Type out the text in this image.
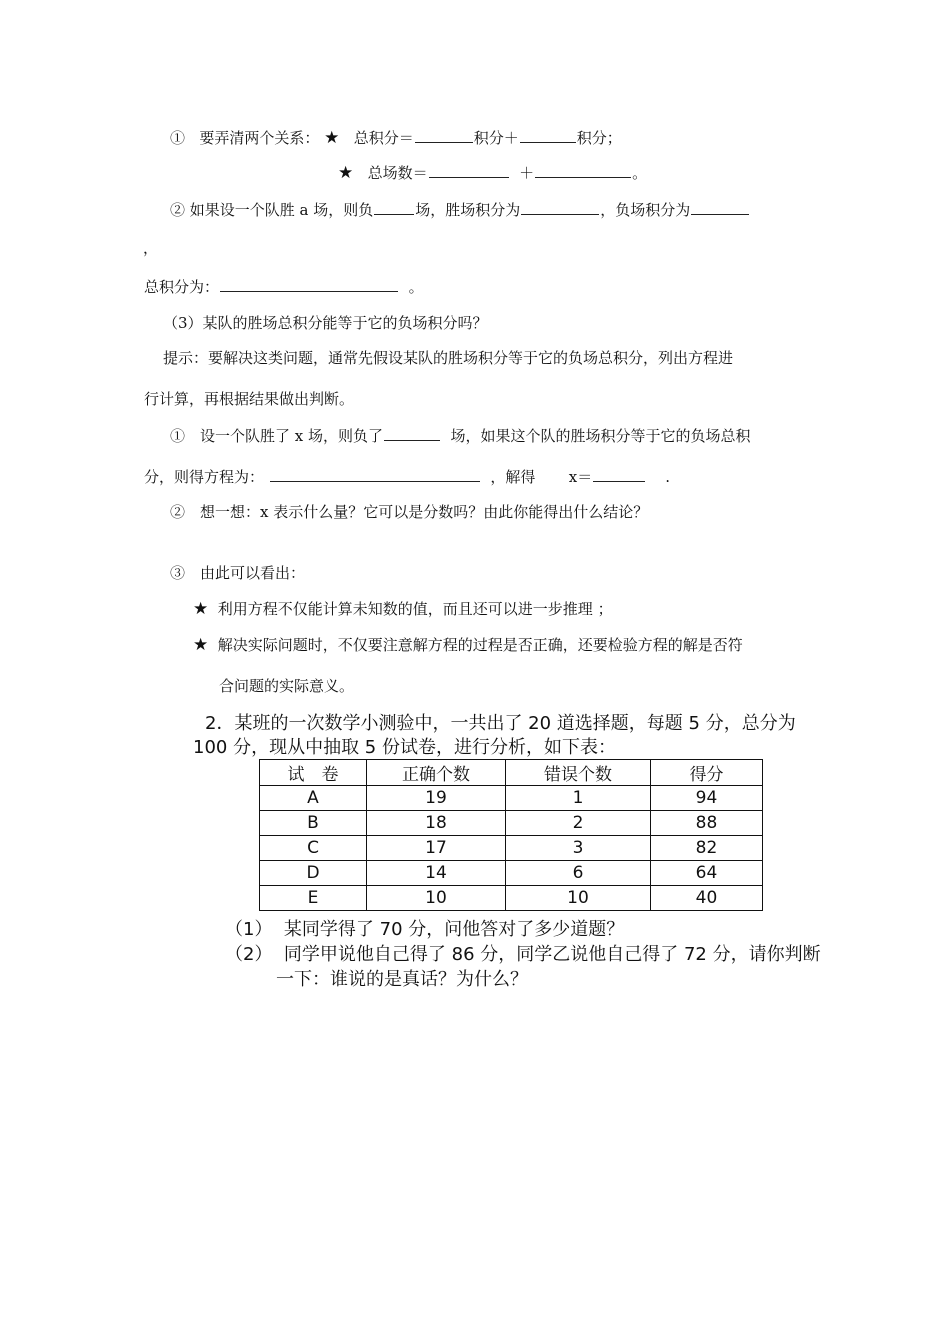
① 要弄清两个关系： ★ 总积分＝	积分＋	积分；
★ 总场数＝	＋	。
② 如果设一个队胜 a 场，则负	场，胜场积分为	，负场积分为
，
总积分为：	。
（3）某队的胜场总积分能等于它的负场积分吗？
提示：要解决这类问题，通常先假设某队的胜场积分等于它的负场总积分，列出方程进
行计算，再根据结果做出判断。
①　设一个队胜了 x 场，则负了	场，如果这个队的胜场积分等于它的负场总积
分，则得方程为：	，解得 x＝	.
②　想一想：x 表示什么量？它可以是分数吗？由此你能得出什么结论？
③　由此可以看出：
★ 利用方程不仅能计算未知数的值，而且还可以进一步推理 ；
★ 解决实际问题时，不仅要注意解方程的过程是否正确，还要检验方程的解是否符
合问题的实际意义。
2．某班的一次数学小测验中，一共出了 20 道选择题，每题 5 分，总分为
100 分，现从中抽取 5 份试卷，进行分析，如下表：
试　卷	正确个数	错误个数	得分
A	19	1	94
B	18	2	88
C	17	3	82
D	14	6	64
E	10	10	40
（1） 某同学得了 70 分，问他答对了多少道题？
（2） 同学甲说他自己得了 86 分，同学乙说他自己得了 72 分，请你判断
一下：谁说的是真话？为什么？
